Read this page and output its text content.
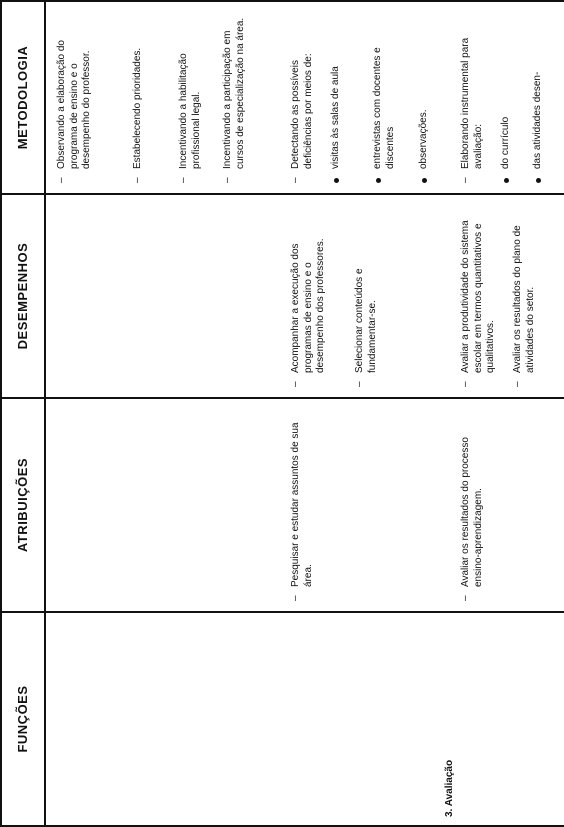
FUNÇÕES
3. Avaliação
ATRIBUIÇÕES
–
Pesquisar e estudar assuntos de sua área.
–
Avaliar os resultados do processo ensino-aprendizagem.
DESEMPENHOS
–
Acompanhar a execução dos programas de ensino e o desempenho dos professores.
–
Selecionar conteúdos e fundamentar-se.
–
Avaliar a produtividade do sistema escolar em termos quantitativos e qualitativos.
–
Avaliar os resultados do plano de atividades do setor.
METODOLOGIA
–
Observando a elaboração do programa de ensino e o desempenho do professor.
–
Estabelecendo prioridades.
–
Incentivando a habilitação profissional legal.
–
Incentivando a participação em cursos de especialização na área.
–
Detectando as possíveis deficiências por meios de: visitas às salas de aula	entrevistas com docentes e discentes observações.
–
Elaborando instrumental para avaliação: do currículo das atividades desen-
